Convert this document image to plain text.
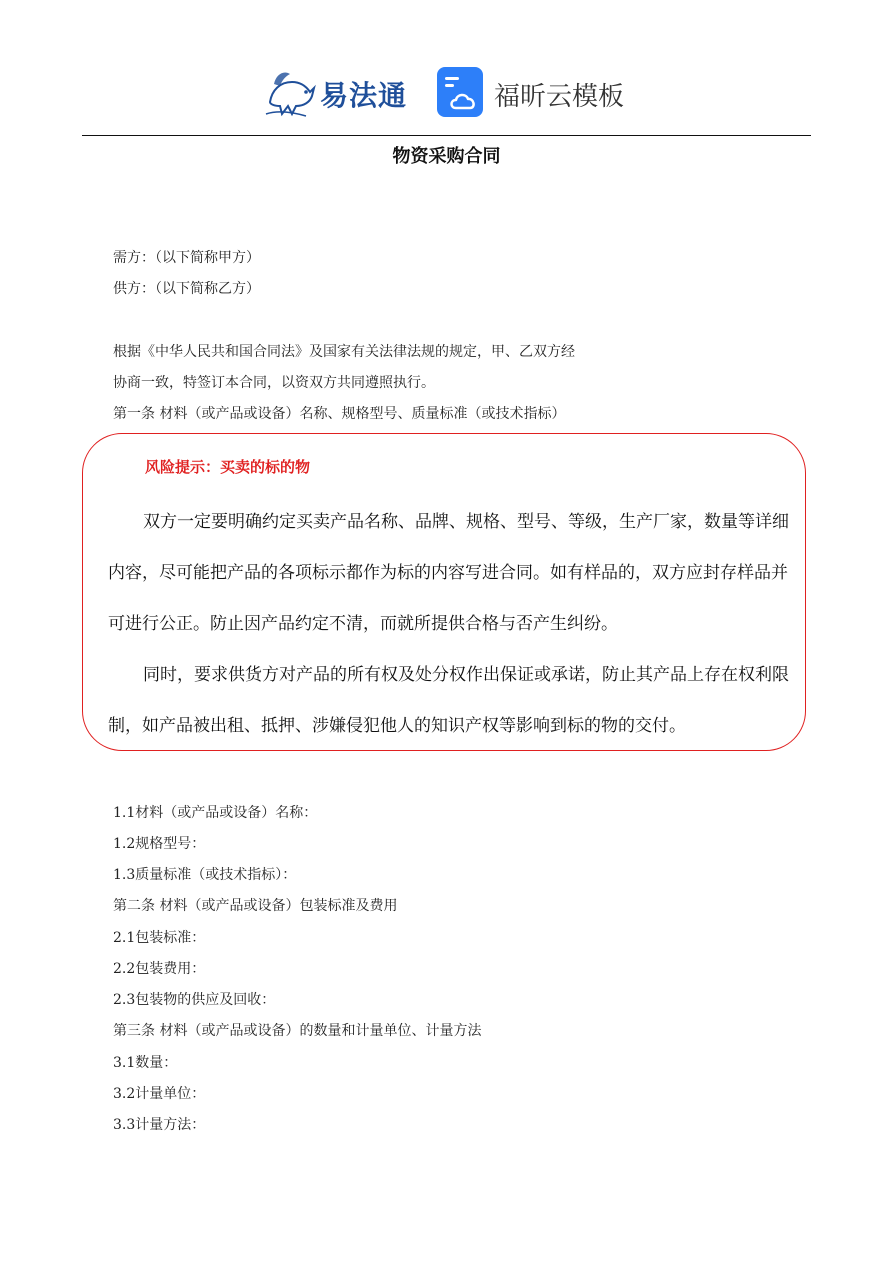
易法通	福昕云模板
物资采购合同
需方：（以下简称甲方）
供方：（以下简称乙方）
根据《中华人民共和国合同法》及国家有关法律法规的规定，甲、乙双方经
协商一致，特签订本合同，以资双方共同遵照执行。
第一条 材料（或产品或设备）名称、规格型号、质量标准（或技术指标）
风险提示：买卖的标的物
双方一定要明确约定买卖产品名称、品牌、规格、型号、等级，生产厂家，数量等详细
内容，尽可能把产品的各项标示都作为标的内容写进合同。如有样品的，双方应封存样品并
可进行公正。防止因产品约定不清，而就所提供合格与否产生纠纷。
同时，要求供货方对产品的所有权及处分权作出保证或承诺，防止其产品上存在权利限
制，如产品被出租、抵押、涉嫌侵犯他人的知识产权等影响到标的物的交付。
1.1材料（或产品或设备）名称：
1.2规格型号：
1.3质量标准（或技术指标）：
第二条 材料（或产品或设备）包装标准及费用
2.1包装标准：
2.2包装费用：
2.3包装物的供应及回收：
第三条 材料（或产品或设备）的数量和计量单位、计量方法
3.1数量：
3.2计量单位：
3.3计量方法：
